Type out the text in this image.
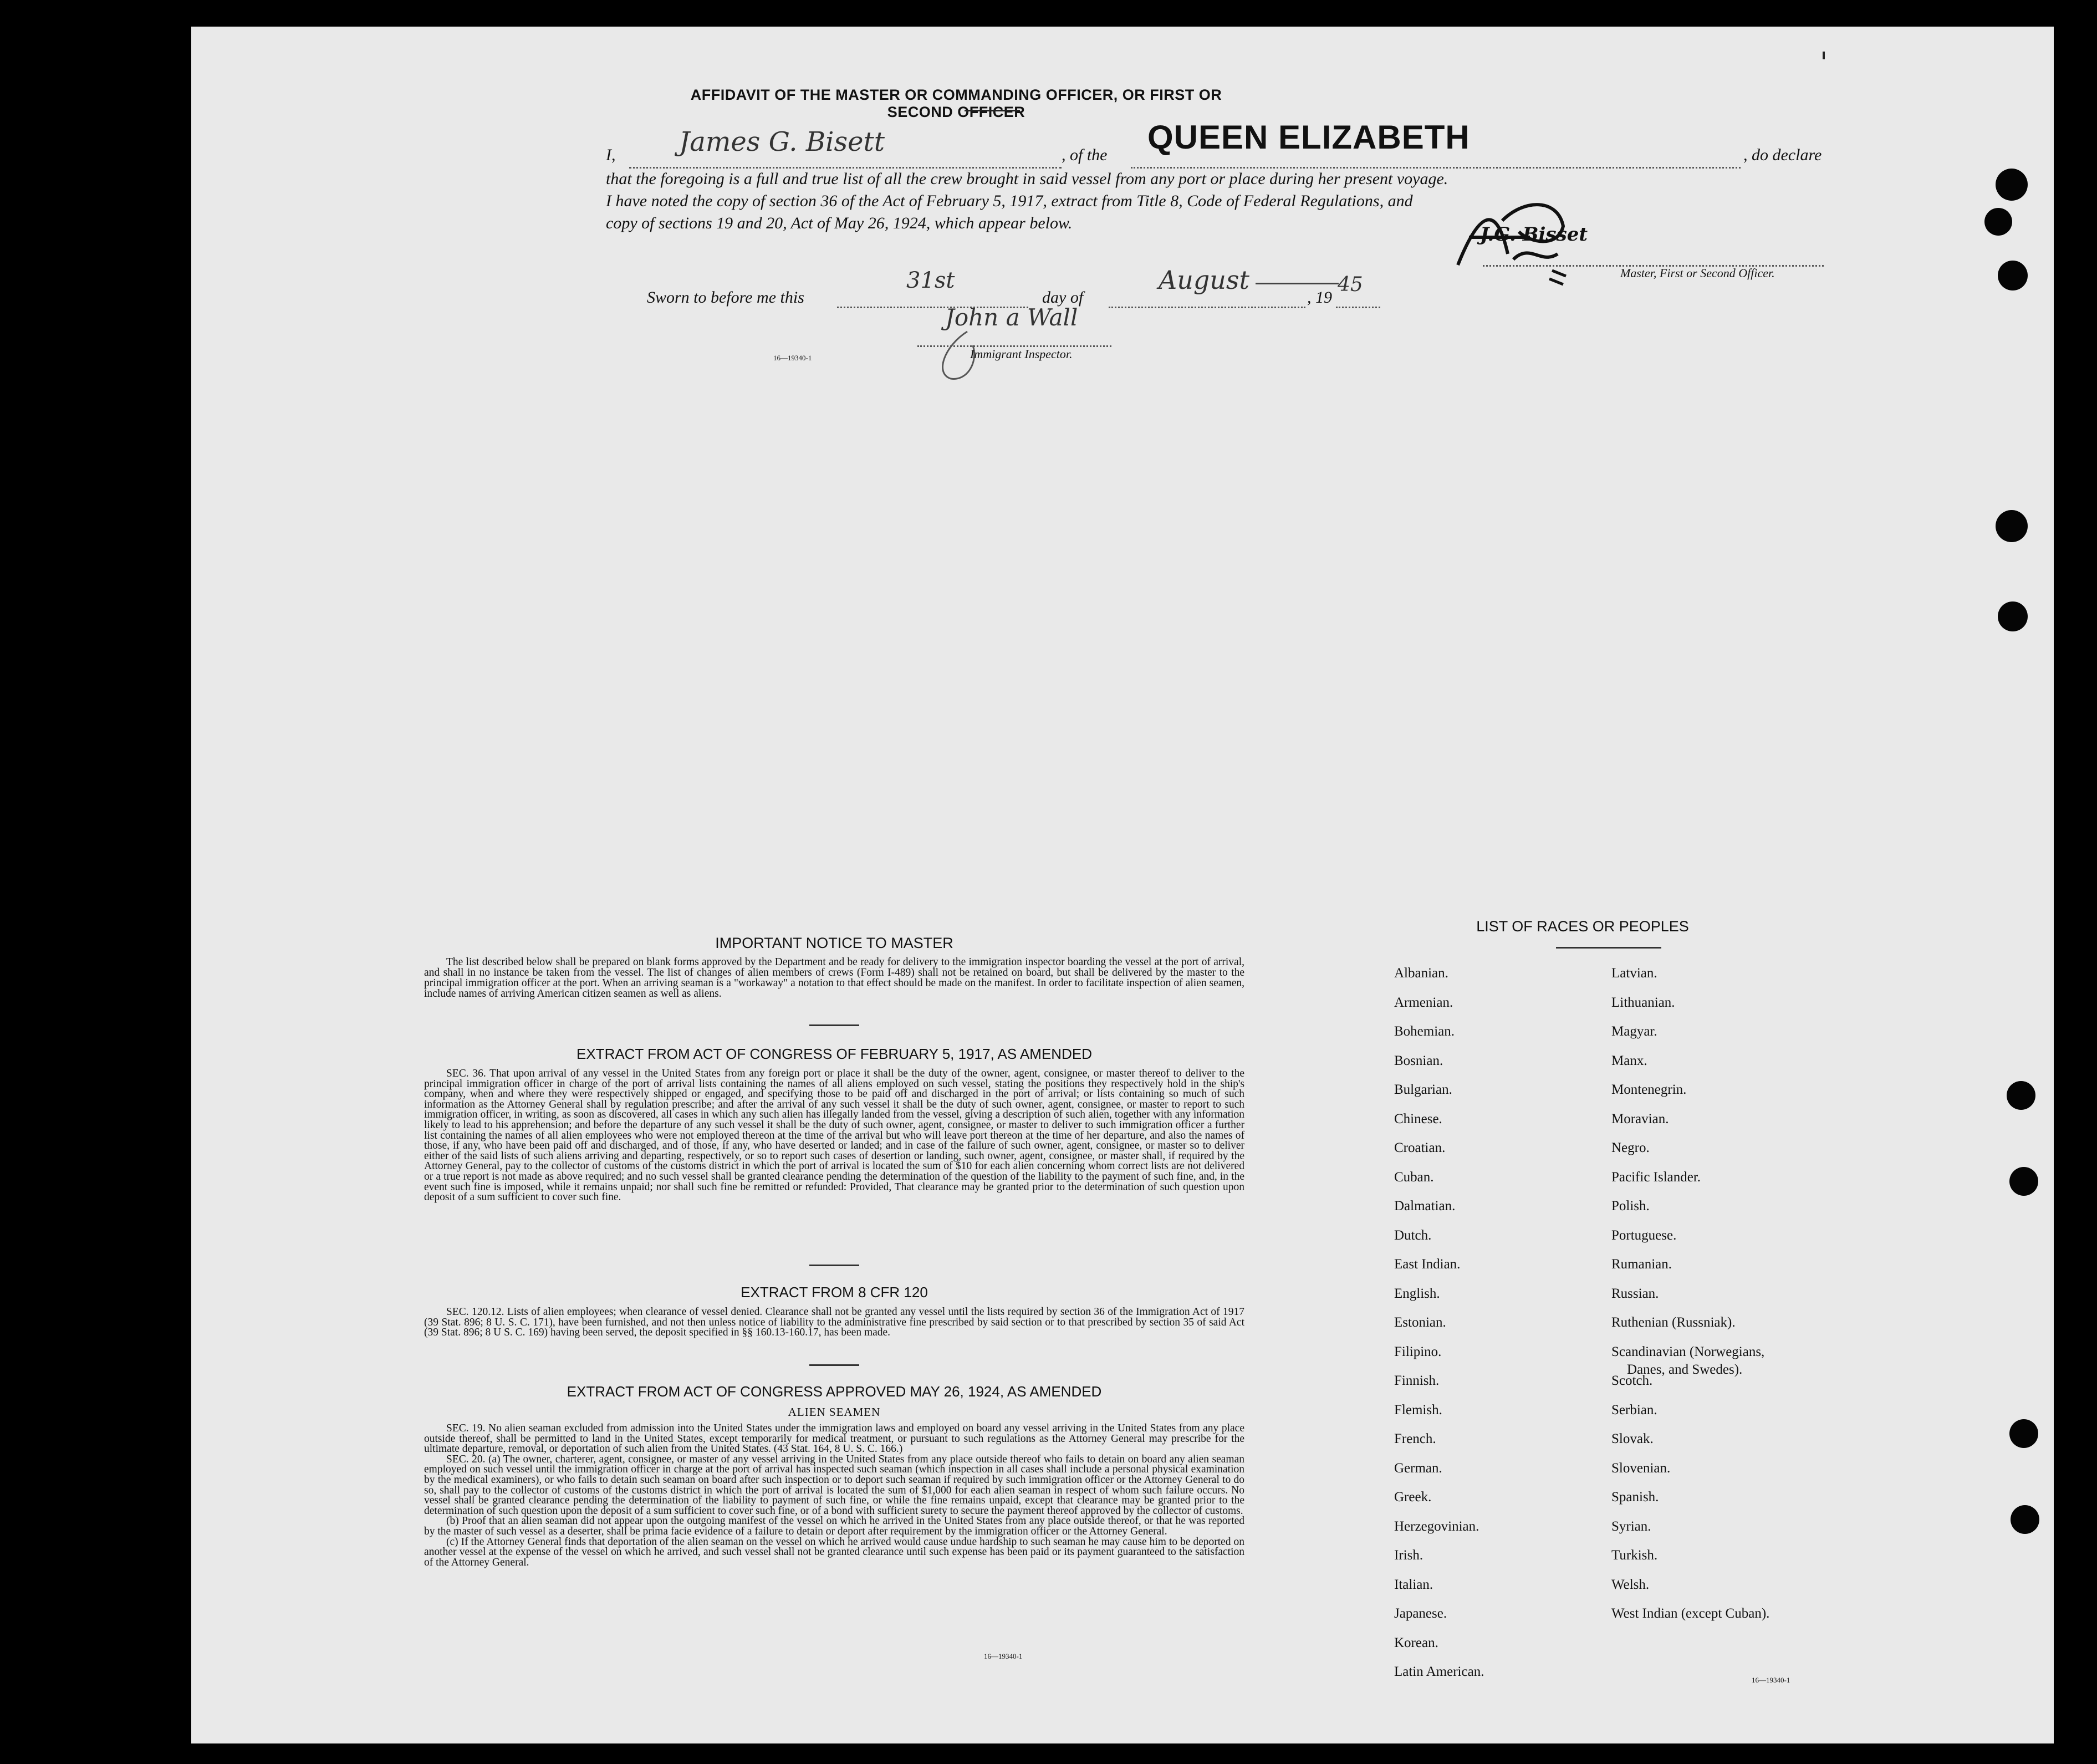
AFFIDAVIT OF THE MASTER OR COMMANDING OFFICER, OR FIRST OR SECOND OFFICER
I, James G. Bisett	, of the QUEEN ELIZABETH	, do declare
that the foregoing is a full and true list of all the crew brought in said vessel from any port or place during her present voyage.
I have noted the copy of section 36 of the Act of February 5, 1917, extract from Title 8, Code of Federal Regulations, and
copy of sections 19 and 20, Act of May 26, 1924, which appear below.
J.G. Bisset
Master, First or Second Officer.
Sworn to before me this
31st
day of
August
, 19
45
John a Wall
Immigrant Inspector.
16—19340-1
IMPORTANT NOTICE TO MASTER
The list described below shall be prepared on blank forms approved by the Department and be ready for delivery to the immigration inspector boarding the vessel at the port of arrival, and shall in no instance be taken from the vessel. The list of changes of alien members of crews (Form I-489) shall not be retained on board, but shall be delivered by the master to the principal immigration officer at the port. When an arriving seaman is a "workaway" a notation to that effect should be made on the manifest. In order to facilitate inspection of alien seamen, include names of arriving American citizen seamen as well as aliens.
EXTRACT FROM ACT OF CONGRESS OF FEBRUARY 5, 1917, AS AMENDED
SEC. 36. That upon arrival of any vessel in the United States from any foreign port or place it shall be the duty of the owner, agent, consignee, or master thereof to deliver to the principal immigration officer in charge of the port of arrival lists containing the names of all aliens employed on such vessel, stating the positions they respectively hold in the ship's company, when and where they were respectively shipped or engaged, and specifying those to be paid off and discharged in the port of arrival; or lists containing so much of such information as the Attorney General shall by regulation prescribe; and after the arrival of any such vessel it shall be the duty of such owner, agent, consignee, or master to report to such immigration officer, in writing, as soon as discovered, all cases in which any such alien has illegally landed from the vessel, giving a description of such alien, together with any information likely to lead to his apprehension; and before the departure of any such vessel it shall be the duty of such owner, agent, consignee, or master to deliver to such immigration officer a further list containing the names of all alien employees who were not employed thereon at the time of the arrival but who will leave port thereon at the time of her departure, and also the names of those, if any, who have been paid off and discharged, and of those, if any, who have deserted or landed; and in case of the failure of such owner, agent, consignee, or master so to deliver either of the said lists of such aliens arriving and departing, respectively, or so to report such cases of desertion or landing, such owner, agent, consignee, or master shall, if required by the Attorney General, pay to the collector of customs of the customs district in which the port of arrival is located the sum of $10 for each alien concerning whom correct lists are not delivered or a true report is not made as above required; and no such vessel shall be granted clearance pending the determination of the question of the liability to the payment of such fine, and, in the event such fine is imposed, while it remains unpaid; nor shall such fine be remitted or refunded: Provided, That clearance may be granted prior to the determination of such question upon deposit of a sum sufficient to cover such fine.
EXTRACT FROM 8 CFR 120
SEC. 120.12. Lists of alien employees; when clearance of vessel denied. Clearance shall not be granted any vessel until the lists required by section 36 of the Immigration Act of 1917 (39 Stat. 896; 8 U. S. C. 171), have been furnished, and not then unless notice of liability to the administrative fine prescribed by said section or to that prescribed by section 35 of said Act (39 Stat. 896; 8 U S. C. 169) having been served, the deposit specified in §§ 160.13-160.17, has been made.
EXTRACT FROM ACT OF CONGRESS APPROVED MAY 26, 1924, AS AMENDED
ALIEN SEAMEN
SEC. 19. No alien seaman excluded from admission into the United States under the immigration laws and employed on board any vessel arriving in the United States from any place outside thereof, shall be permitted to land in the United States, except temporarily for medical treatment, or pursuant to such regulations as the Attorney General may prescribe for the ultimate departure, removal, or deportation of such alien from the United States. (43 Stat. 164, 8 U. S. C. 166.)
SEC. 20. (a) The owner, charterer, agent, consignee, or master of any vessel arriving in the United States from any place outside thereof who fails to detain on board any alien seaman employed on such vessel until the immigration officer in charge at the port of arrival has inspected such seaman (which inspection in all cases shall include a personal physical examination by the medical examiners), or who fails to detain such seaman on board after such inspection or to deport such seaman if required by such immigration officer or the Attorney General to do so, shall pay to the collector of customs of the customs district in which the port of arrival is located the sum of $1,000 for each alien seaman in respect of whom such failure occurs. No vessel shall be granted clearance pending the determination of the liability to payment of such fine, or while the fine remains unpaid, except that clearance may be granted prior to the determination of such question upon the deposit of a sum sufficient to cover such fine, or of a bond with sufficient surety to secure the payment thereof approved by the collector of customs.
(b) Proof that an alien seaman did not appear upon the outgoing manifest of the vessel on which he arrived in the United States from any place outside thereof, or that he was reported by the master of such vessel as a deserter, shall be prima facie evidence of a failure to detain or deport after requirement by the immigration officer or the Attorney General.
(c) If the Attorney General finds that deportation of the alien seaman on the vessel on which he arrived would cause undue hardship to such seaman he may cause him to be deported on another vessel at the expense of the vessel on which he arrived, and such vessel shall not be granted clearance until such expense has been paid or its payment guaranteed to the satisfaction of the Attorney General.
16—19340-1
LIST OF RACES OR PEOPLES
Albanian.
Armenian.
Bohemian.
Bosnian.
Bulgarian.
Chinese.
Croatian.
Cuban.
Dalmatian.
Dutch.
East Indian.
English.
Estonian.
Filipino.
Finnish.
Flemish.
French.
German.
Greek.
Herzegovinian.
Irish.
Italian.
Japanese.
Korean.
Latin American.
Latvian.
Lithuanian.
Magyar.
Manx.
Montenegrin.
Moravian.
Negro.
Pacific Islander.
Polish.
Portuguese.
Rumanian.
Russian.
Ruthenian (Russniak).
Scandinavian (Norwegians,
Danes, and Swedes).
Scotch.
Serbian.
Slovak.
Slovenian.
Spanish.
Syrian.
Turkish.
Welsh.
West Indian (except Cuban).
16—19340-1
